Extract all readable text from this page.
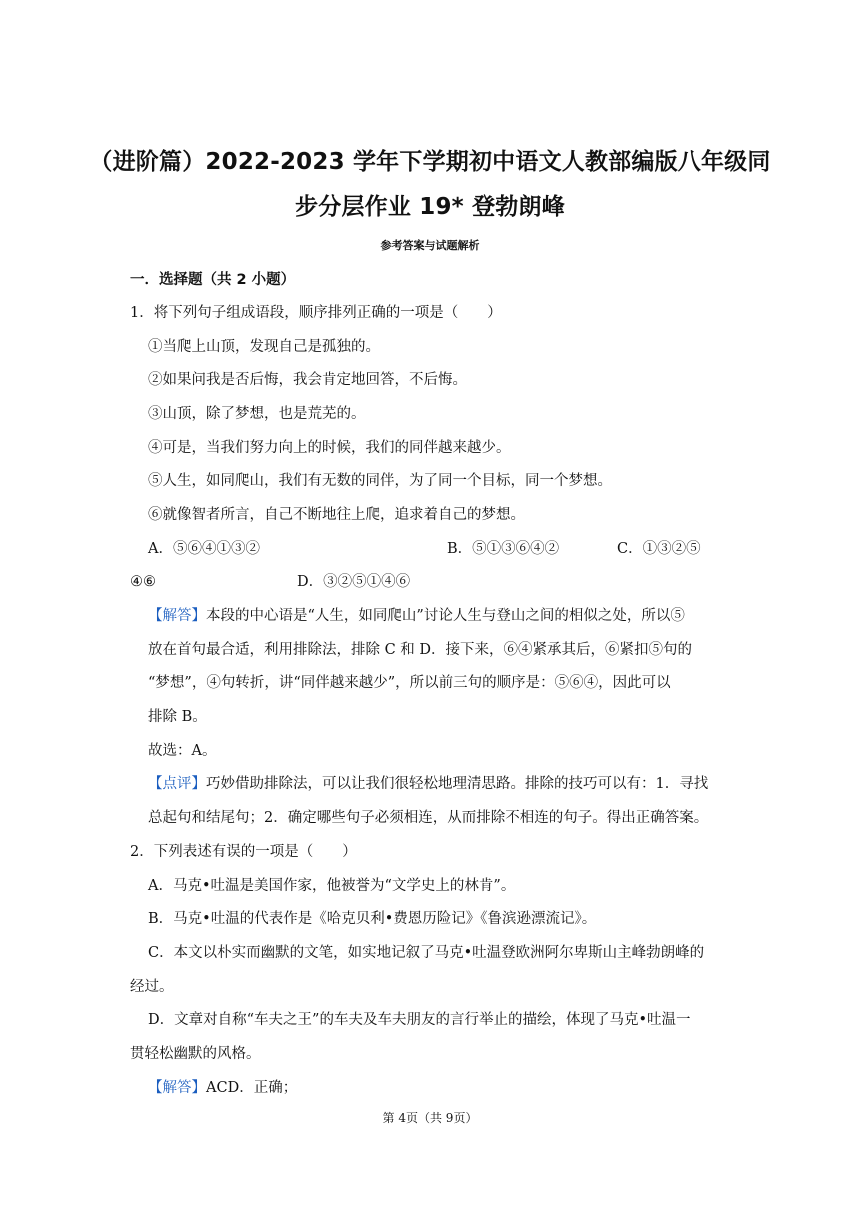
（进阶篇）2022-2023 学年下学期初中语文人教部编版八年级同
步分层作业 19* 登勃朗峰
参考答案与试题解析
一．选择题（共 2 小题）
1．将下列句子组成语段，顺序排列正确的一项是（　　）
①当爬上山顶，发现自己是孤独的。
②如果问我是否后悔，我会肯定地回答，不后悔。
③山顶，除了梦想，也是荒芜的。
④可是，当我们努力向上的时候，我们的同伴越来越少。
⑤人生，如同爬山，我们有无数的同伴，为了同一个目标，同一个梦想。
⑥就像智者所言，自己不断地往上爬，追求着自己的梦想。
A．⑤⑥④①③②	B．⑤①③⑥④②	C．①③②⑤
④⑥	D．③②⑤①④⑥
【解答】本段的中心语是“人生，如同爬山”讨论人生与登山之间的相似之处，所以⑤
放在首句最合适，利用排除法，排除 C 和 D．接下来，⑥④紧承其后，⑥紧扣⑤句的
“梦想”，④句转折，讲“同伴越来越少”，所以前三句的顺序是：⑤⑥④，因此可以
排除 B。
故选：A。
【点评】巧妙借助排除法，可以让我们很轻松地理清思路。排除的技巧可以有：1．寻找
总起句和结尾句；2．确定哪些句子必须相连，从而排除不相连的句子。得出正确答案。
2．下列表述有误的一项是（　　）
A．马克•吐温是美国作家，他被誉为“文学史上的林肯”。
B．马克•吐温的代表作是《哈克贝利•费恩历险记》《鲁滨逊漂流记》。
C．本文以朴实而幽默的文笔，如实地记叙了马克•吐温登欧洲阿尔卑斯山主峰勃朗峰的
经过。
D．文章对自称“车夫之王”的车夫及车夫朋友的言行举止的描绘，体现了马克•吐温一
贯轻松幽默的风格。
【解答】ACD．正确；
第 4页（共 9页）
